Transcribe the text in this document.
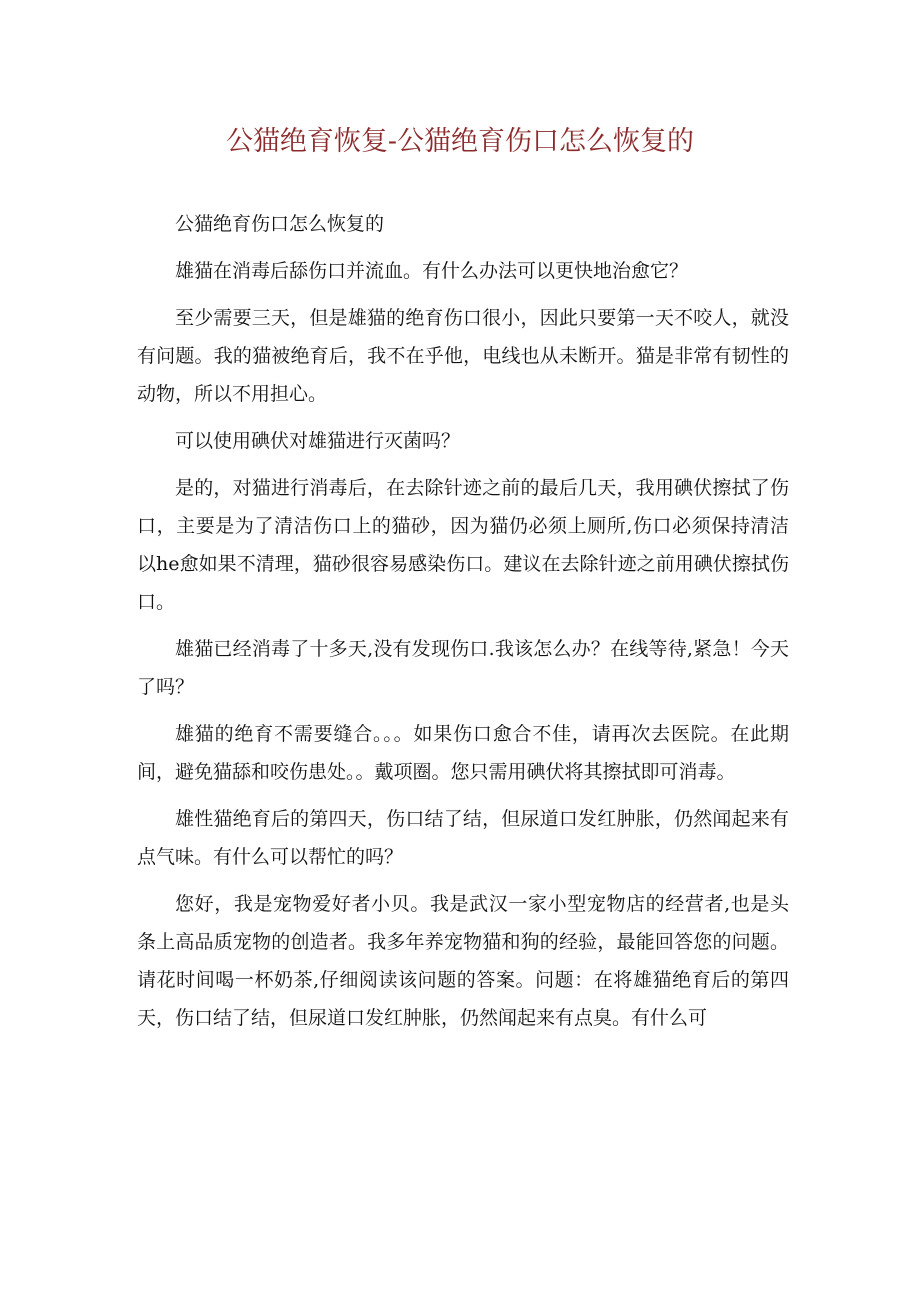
公猫绝育恢复-公猫绝育伤口怎么恢复的

公猫绝育伤口怎么恢复的

雄猫在消毒后舔伤口并流血。有什么办法可以更快地治愈它？

至少需要三天，但是雄猫的绝育伤口很小，因此只要第一天不咬人，就没有问题。我的猫被绝育后，我不在乎他，电线也从未断开。猫是非常有韧性的动物，所以不用担心。

可以使用碘伏对雄猫进行灭菌吗？

是的，对猫进行消毒后，在去除针迹之前的最后几天，我用碘伏擦拭了伤口，主要是为了清洁伤口上的猫砂，因为猫仍必须上厕所,伤口必须保持清洁以he愈如果不清理，猫砂很容易感染伤口。建议在去除针迹之前用碘伏擦拭伤口。

雄猫已经消毒了十多天,没有发现伤口.我该怎么办？在线等待,紧急！今天了吗？

雄猫的绝育不需要缝合。。。如果伤口愈合不佳，请再次去医院。在此期间，避免猫舔和咬伤患处。。戴项圈。您只需用碘伏将其擦拭即可消毒。

雄性猫绝育后的第四天，伤口结了结，但尿道口发红肿胀，仍然闻起来有点气味。有什么可以帮忙的吗？

您好，我是宠物爱好者小贝。我是武汉一家小型宠物店的经营者,也是头条上高品质宠物的创造者。我多年养宠物猫和狗的经验，最能回答您的问题。请花时间喝一杯奶茶,仔细阅读该问题的答案。问题：在将雄猫绝育后的第四天，伤口结了结，但尿道口发红肿胀，仍然闻起来有点臭。有什么可
